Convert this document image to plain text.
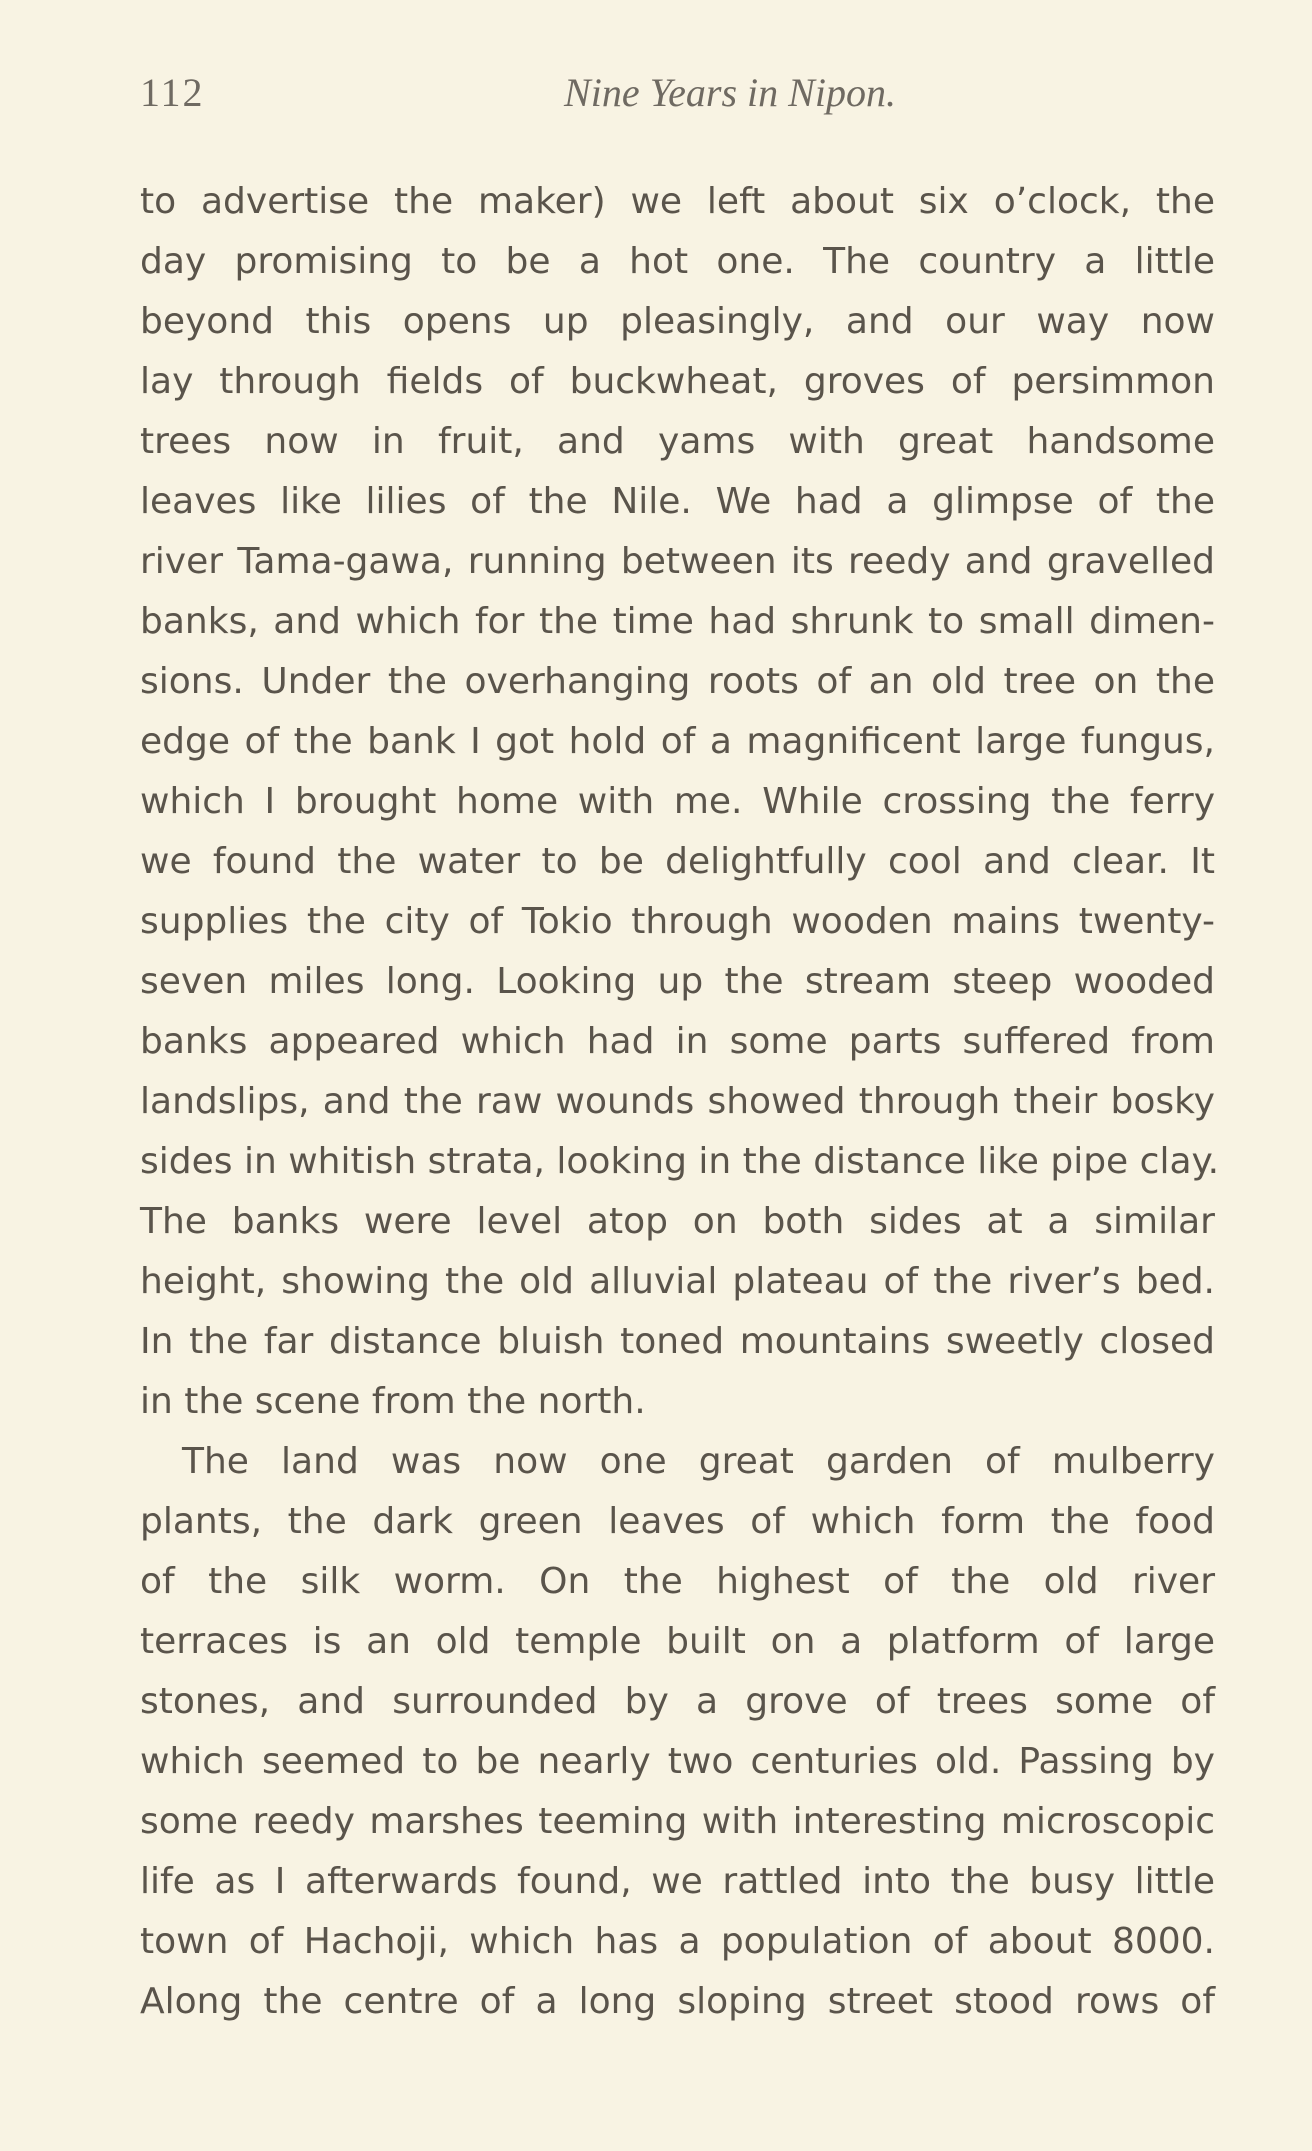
112	Nine Years in Nipon.
to advertise the maker) we left about six o’clock, the
day promising to be a hot one. The country a little
beyond this opens up pleasingly, and our way now
lay through fields of buckwheat, groves of persimmon
trees now in fruit, and yams with great handsome
leaves like lilies of the Nile. We had a glimpse of the
river Tama-gawa, running between its reedy and gravelled
banks, and which for the time had shrunk to small dimen-
sions. Under the overhanging roots of an old tree on the
edge of the bank I got hold of a magnificent large fungus,
which I brought home with me. While crossing the ferry
we found the water to be delightfully cool and clear. It
supplies the city of Tokio through wooden mains twenty-
seven miles long. Looking up the stream steep wooded
banks appeared which had in some parts suffered from
landslips, and the raw wounds showed through their bosky
sides in whitish strata, looking in the distance like pipe clay.
The banks were level atop on both sides at a similar
height, showing the old alluvial plateau of the river’s bed.
In the far distance bluish toned mountains sweetly closed
in the scene from the north.
The land was now one great garden of mulberry
plants, the dark green leaves of which form the food
of the silk worm. On the highest of the old river
terraces is an old temple built on a platform of large
stones, and surrounded by a grove of trees some of
which seemed to be nearly two centuries old. Passing by
some reedy marshes teeming with interesting microscopic
life as I afterwards found, we rattled into the busy little
town of Hachoji, which has a population of about 8000.
Along the centre of a long sloping street stood rows of
